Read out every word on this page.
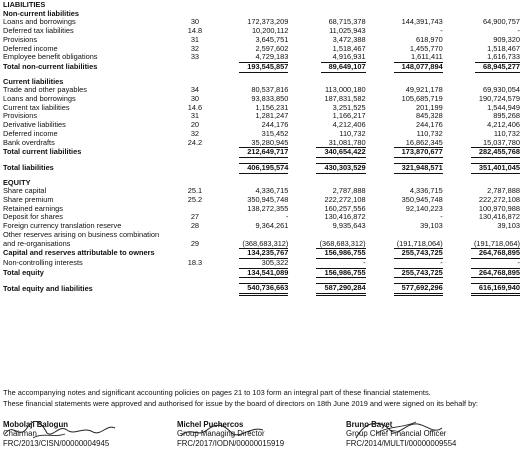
LIABILITIES					
Non-current liabilities					
Loans and borrowings	30	172,373,209	68,715,378	144,391,743	64,900,757
Deferred tax liabilities	14.8	10,200,112	11,025,943	-	-
Provisions	31	3,645,751	3,472,388	618,970	909,320
Deferred income	32	2,597,602	1,518,467	1,455,770	1,518,467
Employee benefit obligations	33	4,729,183	4,916,931	1,611,411	1,616,733
Total non-current liabilities		193,545,857	89,649,107	148,077,894	68,945,277

Current liabilities					
Trade and other payables	34	80,537,816	113,000,180	49,921,178	69,930,054
Loans and borrowings	30	93,833,850	187,831,582	105,685,719	190,724,579
Current tax liabilities	14.6	1,156,231	3,251,525	201,199	1,544,949
Provisions	31	1,281,247	1,166,217	845,328	895,268
Derivative liabilities	20	244,176	4,212,406	244,176	4,212,406
Deferred income	32	315,452	110,732	110,732	110,732
Bank overdrafts	24.2	35,280,945	31,081,780	16,862,345	15,037,780
Total current liabilities		212,649,717	340,654,422	173,870,677	282,455,768

Total liabilities		406,195,574	430,303,529	321,948,571	351,401,045

EQUITY					
Share capital	25.1	4,336,715	2,787,888	4,336,715	2,787,888
Share premium	25.2	350,945,748	222,272,108	350,945,748	222,272,108
Retained earnings		138,272,355	160,257,556	92,140,223	100,970,988
Deposit for shares	27	-	130,416,872	-	130,416,872
Foreign currency translation reserve	28	9,364,261	9,935,643	39,103	39,103
Other reserves arising on business combination					
and re-organisations	29	(368,683,312)	(368,683,312)	(191,718,064)	(191,718,064)
Capital and reserves attributable to owners		134,235,767	156,986,755	255,743,725	264,768,895
Non-controlling interests	18.3	305,322	-	-	-
Total equity		134,541,089	156,986,755	255,743,725	264,768,895

Total equity and liabilities		540,736,663	587,290,284	577,692,296	616,169,940

The accompanying notes and significant accounting policies on pages 21 to 103 form an integral part of these financial statements.

These financial statements were approved and authorised for issue by the board of directors on 18th June 2019 and were signed on its behalf by:

Mobolaji Balogun
Chairman
FRC/2013/CISN/00000004945
Michel Puchercos
Group Managing Director
FRC/2017/IODN/00000015919
Bruno Bayet
Group Chief Financial Officer
FRC/2014/MULTI/00000009554
